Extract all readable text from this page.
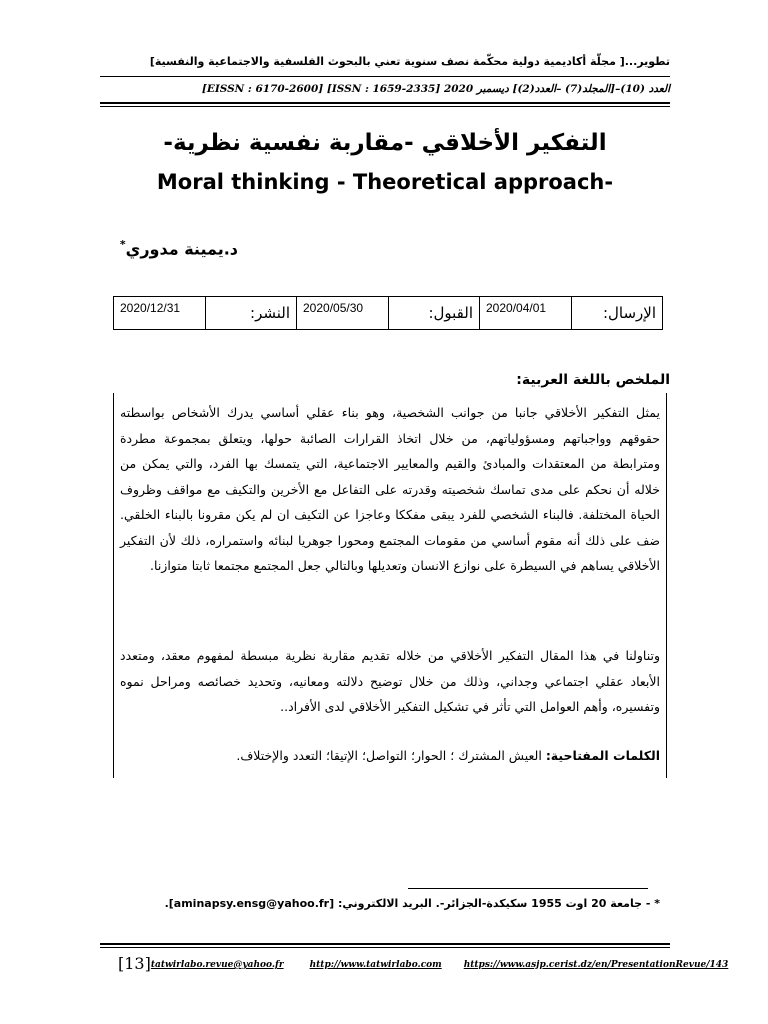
تطوير...[ مجلّة أكاديمية دولية محكّمة نصف سنوية تعني بالبحوث الفلسفية والاجتماعية والنفسية]
العدد (10)–[المجلد(7) –العدد(2)] ديسمبر 2020 [ISSN : 1659-2335] [EISSN : 6170-2600]
التفكير الأخلاقي -مقاربة نفسية نظرية-
Moral thinking - Theoretical approach-
د.يمينة مدوري*
الإرسال:	2020/04/01	القبول:	2020/05/30	النشر:	2020/12/31
الملخص باللغة العربية:
يمثل التفكير الأخلاقي جانبا من جوانب الشخصية، وهو بناء عقلي أساسي يدرك الأشخاص بواسطته حقوقهم وواجباتهم ومسؤولياتهم، من خلال اتخاذ القرارات الصائبة حولها، ويتعلق بمجموعة مطردة ومترابطة من المعتقدات والمبادئ والقيم والمعايير الاجتماعية، التي يتمسك بها الفرد، والتي يمكن من خلاله أن نحكم على مدى تماسك شخصيته وقدرته على التفاعل مع الأخرين والتكيف مع مواقف وظروف الحياة المختلفة. فالبناء الشخصي للفرد يبقى مفككا وعاجزا عن التكيف ان لم يكن مقرونا بالبناء الخلقي. ضف على ذلك أنه مقوم أساسي من مقومات المجتمع ومحورا جوهريا لبنائه واستمراره، ذلك لأن التفكير الأخلاقي يساهم في السيطرة على نوازع الانسان وتعديلها وبالتالي جعل المجتمع مجتمعا ثابتا متوازنا.
وتناولنا في هذا المقال التفكير الأخلاقي من خلاله تقديم مقاربة نظرية مبسطة لمفهوم معقد، ومتعدد الأبعاد عقلي اجتماعي وجداني، وذلك من خلال توضيح دلالته ومعانيه، وتحديد خصائصه ومراحل نموه وتفسيره، وأهم العوامل التي تأثر في تشكيل التفكير الأخلاقي لدى الأفراد..
الكلمات المفتاحية: العيش المشترك ؛ الحوار؛ التواصل؛ الإتيقا؛ التعدد والإختلاف.
* - جامعة 20 اوت 1955 سكيكدة-الجزائر-. البريد الالكتروني: [aminapsy.ensg@yahoo.fr].
[13]tatwirlabo.revue@yahoo.fr	http://www.tatwirlabo.com https://www.asjp.cerist.dz/en/PresentationRevue/143
